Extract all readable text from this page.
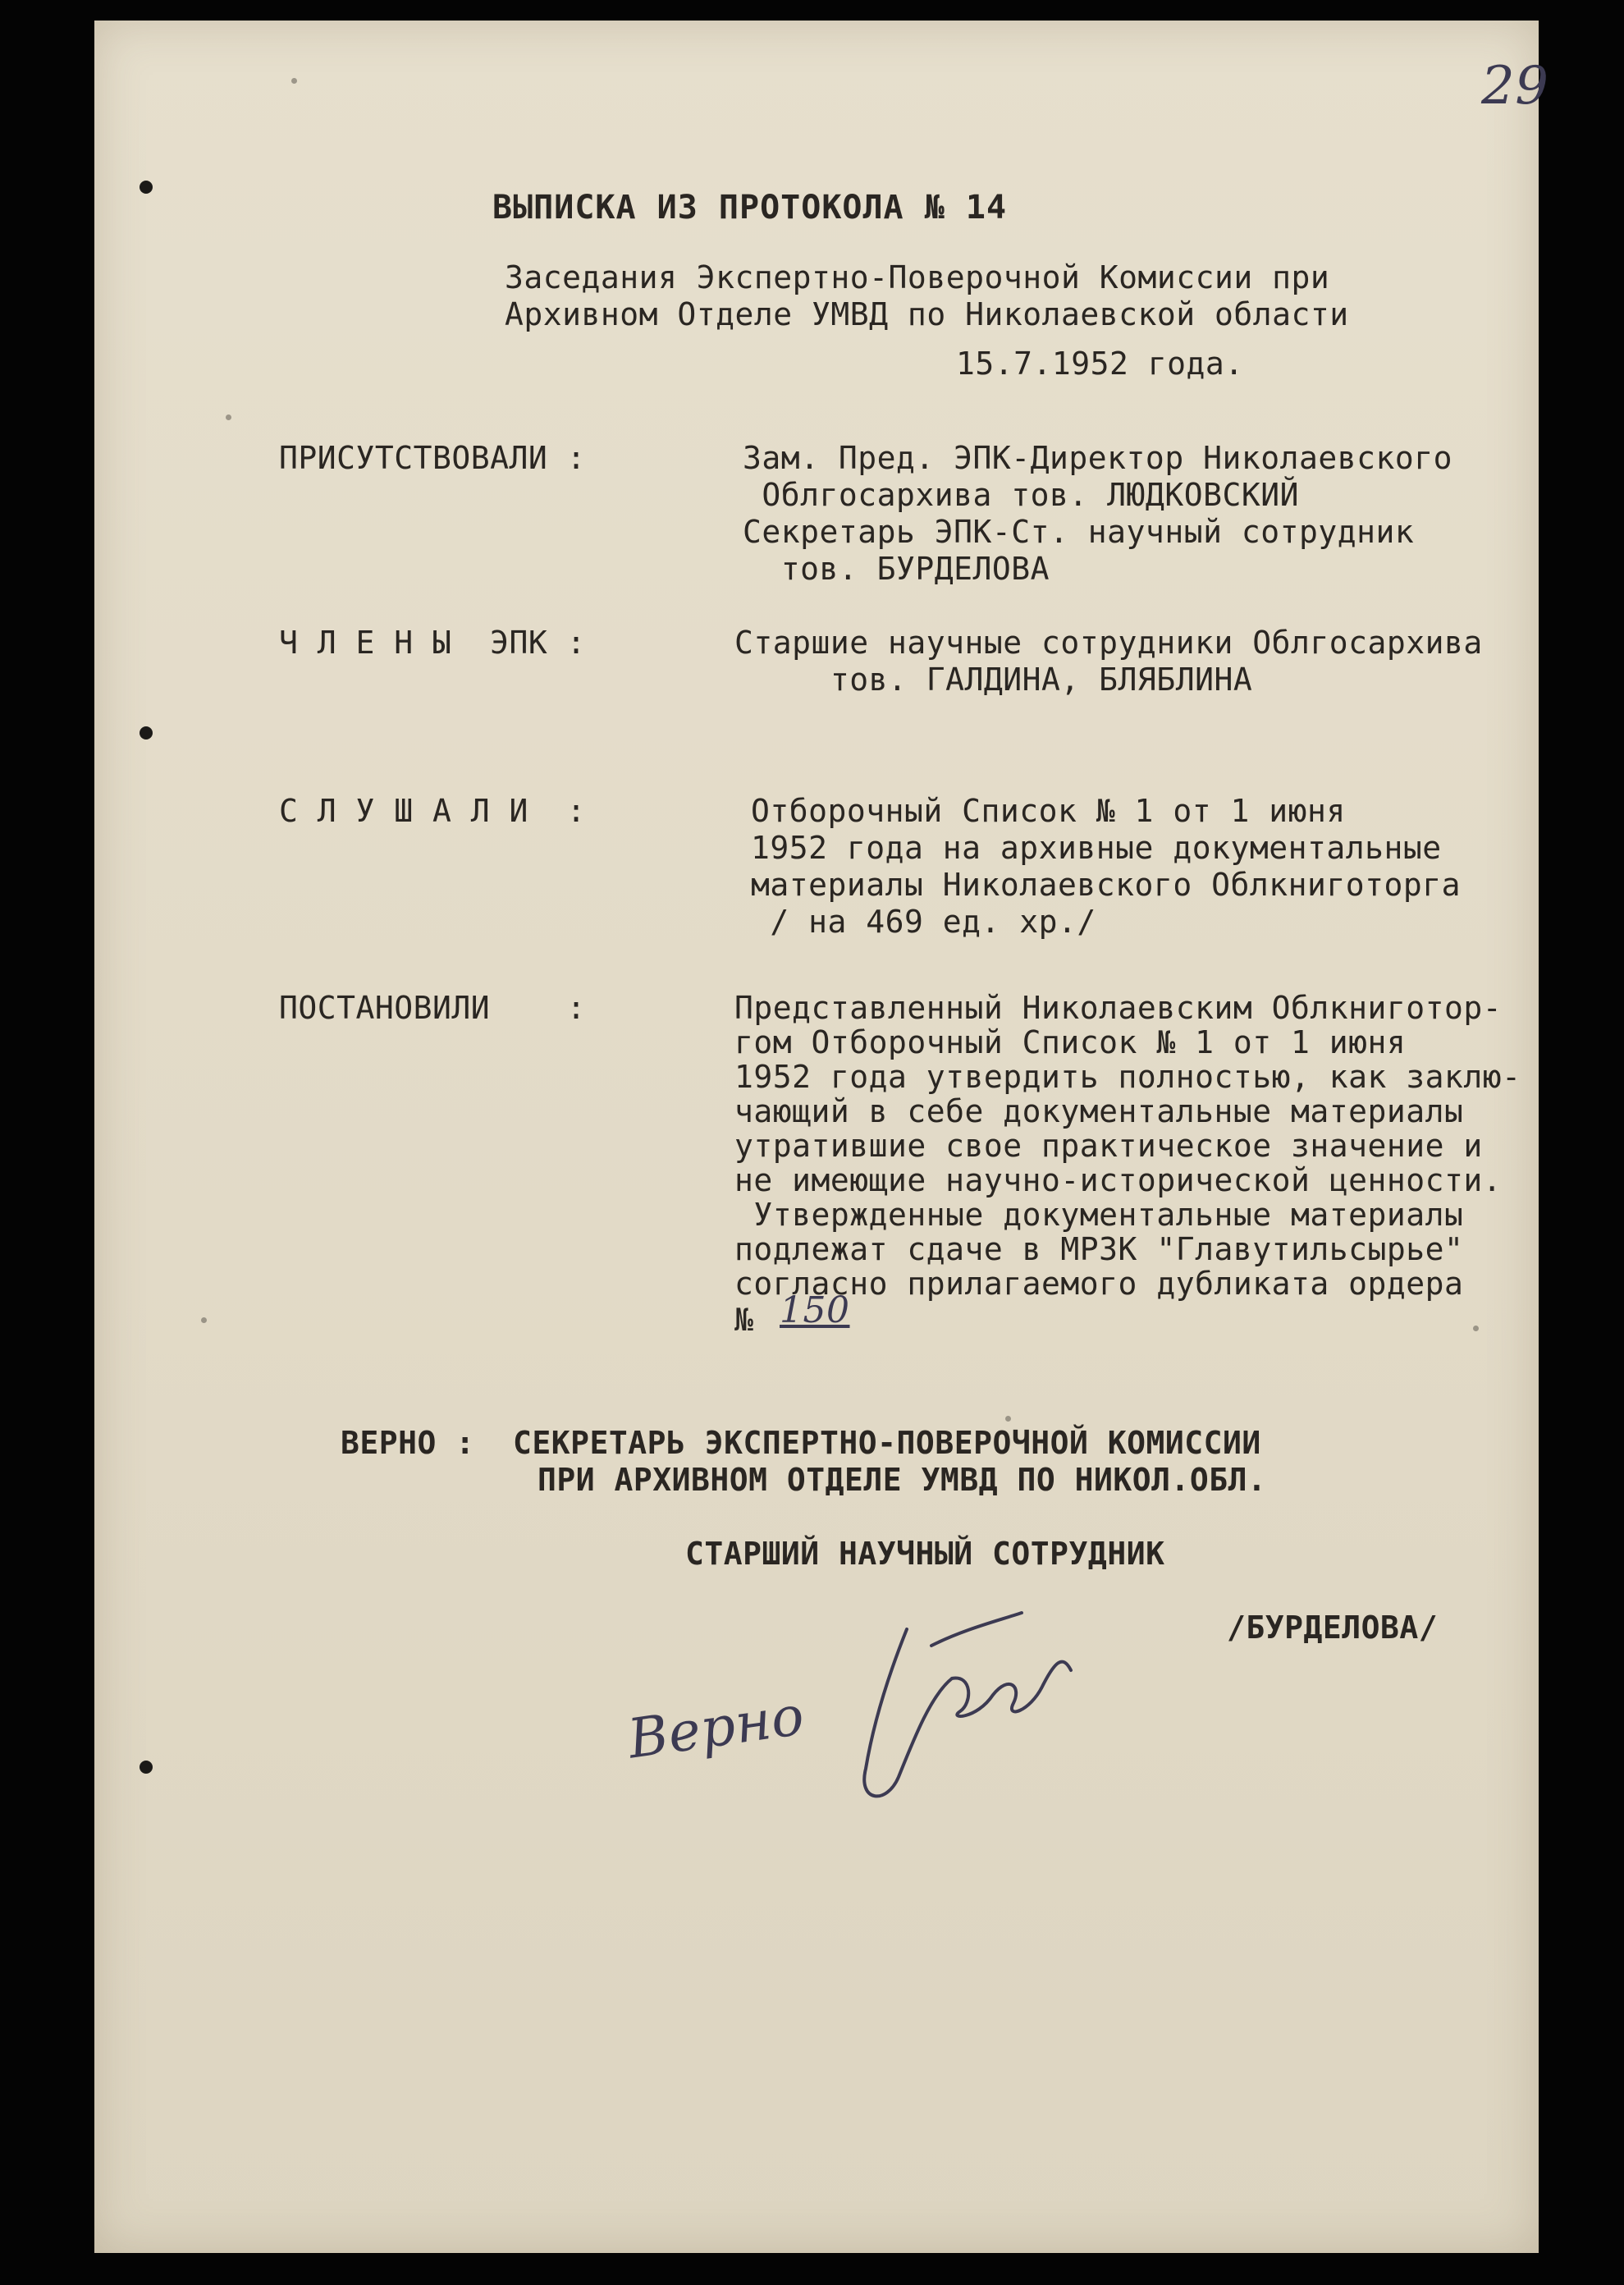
29
ВЫПИСКА ИЗ ПРОТОКОЛА № 14
Заседания Экспертно-Поверочной Комиссии при
Архивном Отделе УМВД по Николаевской области
15.7.1952 года.
ПРИСУТСТВОВАЛИ :	Зам. Пред. ЭПК-Директор Николаевского
Облгосархива тов. ЛЮДКОВСКИЙ
Секретарь ЭПК-Ст. научный сотрудник
тов. БУРДЕЛОВА
Ч Л Е Н Ы  ЭПК :	Старшие научные сотрудники Облгосархива
тов. ГАЛДИНА, БЛЯБЛИНА
С Л У Ш А Л И  :	Отборочный Список № 1 от 1 июня
1952 года на архивные документальные
материалы Николаевского Облкниготорга
/ на 469 ед. хр./
ПОСТАНОВИЛИ    :	Представленный Николаевским Облкниготор-
гом Отборочный Список № 1 от 1 июня
1952 года утвердить полностью, как заклю-
чающий в себе документальные материалы
утратившие свое практическое значение и
не имеющие научно-исторической ценности.
Утвержденные документальные материалы
подлежат сдаче в МРЗК "Главутильсырье"
согласно прилагаемого дубликата ордера
№ 150
ВЕРНО : СЕКРЕТАРЬ ЭКСПЕРТНО-ПОВЕРОЧНОЙ КОМИССИИ
ПРИ АРХИВНОМ ОТДЕЛЕ УМВД ПО НИКОЛ.ОБЛ.
СТАРШИЙ НАУЧНЫЙ СОТРУДНИК
/БУРДЕЛОВА/
Верно
